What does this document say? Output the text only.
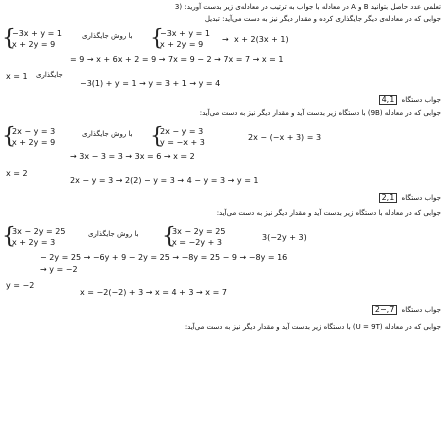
تعلمی عدد حاصل بتوانید B و A در معادله با جواب به ترتیب در معادله‌ی زیر بدست آورید: (3
جوابی که در معادله‌ی دیگر جایگذاری کرده و مقدار دیگر نیز به دست می‌آید: تبدیل
{
−3x + y = 1
x + 2y = 9
با روش جایگذاری {
−3x + y = 1
x + 2y = 9
→ x + 2(3x + 1)
= 9 → x + 6x + 2 = 9 → 7x = 9 − 2 → 7x = 7 → x = 1
x = 1 جایگذاری
−3(1) + y = 1 → y = 3 + 1 → y = 4
جواب دستگاه 4,1
جوابی که در معادله (9B) با دستگاه زیر بدست آید و مقدار دیگر نیز به دست می‌آید:
{
2x − y = 3
x + 2y = 9
با روش جایگذاری {
2x − y = 3
y = −x + 3
2x − (−x + 3) = 3
→ 3x − 3 = 3 → 3x = 6 → x = 2
x = 2
2x − y = 3 → 2(2) − y = 3 → 4 − y = 3 → y = 1
جواب دستگاه 2,1
جوابی که در معادله با دستگاه زیر بدست آید و مقدار دیگر نیز به دست می‌آید:
{
3x − 2y = 25
x + 2y = 3
با روش جایگذاری {
3x − 2y = 25
x = −2y + 3
3(−2y + 3)
− 2y = 25 → −6y + 9 − 2y = 25 → −8y = 25 − 9 → −8y = 16
→ y = −2
y = −2
x = −2(−2) + 3 → x = 4 + 3 → x = 7
جواب دستگاه 7,−2
جوابی که در معادله (U = 9T) با دستگاه زیر بدست آید و مقدار دیگر نیز به دست می‌آید:
